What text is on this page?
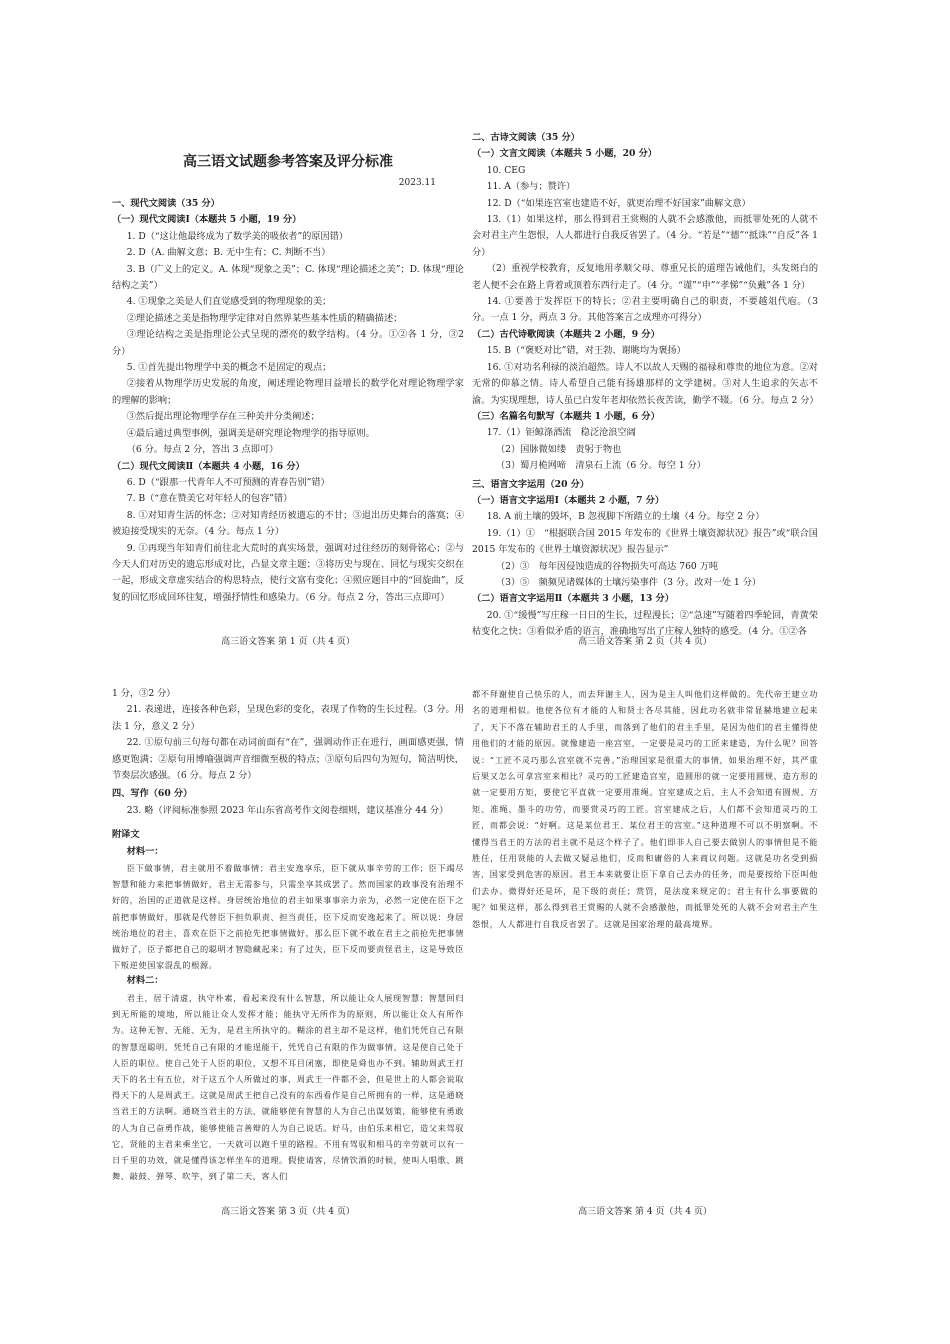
高三语文试题参考答案及评分标准
2023.11
一、现代文阅读（35 分）
（一）现代文阅读Ⅰ（本题共 5 小题，19 分）
1. D（“这让他最终成为了数学美的吸依者”的原因错）
2. D（A. 曲解文意；B. 无中生有；C. 判断不当）
3. B（广义上的定义。A. 体现“现象之美”；C. 体现“理论描述之美”；D. 体现“理论结构之美”）
4. ①现象之美是人们直觉感受到的物理现象的美；
②理论描述之美是指物理学定律对自然界某些基本性质的精确描述；
③理论结构之美是指理论公式呈现的漂亮的数学结构。（4 分。①②各 1 分，③2 分）
5. ①首先提出物理学中美的概念不是固定的观点；
②接着从物理学历史发展的角度，阐述理论物理目益增长的数学化对理论物理学家的理解的影响；
③然后提出理论物理学存在三种美并分类阐述；
④最后通过典型事例，强调美是研究理论物理学的指导原则。
（6 分。每点 2 分，答出 3 点即可）
（二）现代文阅读Ⅱ（本题共 4 小题，16 分）
6. D（“跟那一代青年人不可预测的青春告别”错）
7. B（“意在赞美它对年轻人的包容”错）
8. ①对知青生活的怀念；②对知青经历被遗忘的不甘；③退出历史舞台的落寞；④被迫接受现实的无奈。（4 分。每点 1 分）
9. ①再现当年知青们前往北大荒时的真实场景，强调对过往经历的刻骨铭心；②与今天人们对历史的遗忘形成对比，凸显文章主题；③将历史与现在、回忆与现实交织在一起，形成文章虚实结合的构思特点，使行文富有变化；④照应题目中的“回旋曲”，反复的回忆形成回环往复，增强抒情性和感染力。（6 分。每点 2 分，答出三点即可）
高三语文答案 第 1 页（共 4 页）
二、古诗文阅读（35 分）
（一）文言文阅读（本题共 5 小题，20 分）
10. CEG
11. A（参与；赞许）
12. D（“如果连宫室也建造不好，就更治理不好国家”曲解文意）
13.（1）如果这样，那么得到君王赏赐的人就不会感激他，而抵罪处死的人就不会对君主产生怨恨，人人都进行自我反省罢了。（4 分。“若是”“德”“抵诛”“自反”各 1 分）
（2）重视学校教育，反复地用孝顺父母、尊重兄长的道理告诫他们，头发斑白的老人便不会在路上背着或顶着东西行走了。（4 分。“谨”“申”“孝悌”“负戴”各 1 分）
14. ①要善于发挥臣下的特长；②君主要明确自己的职责，不要越俎代庖。（3 分。一点 1 分，两点 3 分。其他答案言之成理亦可得分）
（二）古代诗歌阅读（本题共 2 小题，9 分）
15. B（“褒贬对比”错，对王勃、谢眺均为褒扬）
16. ①对功名利禄的淡泊超然。诗人不以故人天赐的福禄和尊贵的地位为意。②对无常的仰慕之情。诗人希望自己能有扬雄那样的文学建树。③对人生追求的矢志不渝。为实现理想，诗人虽已白发年老却依然长夜苦读，勤学不辍。（6 分。每点 2 分）
（三）名篇名句默写（本题共 1 小题，6 分）
17.（1）钜鲸涤酒流　稳泛沧浪空阔
（2）国脉微如缕　责躬于物也
（3）蜀月桅网啼　清泉石上流（6 分。每空 1 分）
三、语言文字运用（20 分）
（一）语言文字运用Ⅰ（本题共 2 小题，7 分）
18. A 前土壤的毁坏，B 忽视脚下所踏立的土壤（4 分。每空 2 分）
19.（1）①　“根据联合国 2015 年发布的《世界土壤资源状况》报告”或“联合国 2015 年发布的《世界土壤资源状况》报告显示”
（2）③　每年因侵蚀造成的谷物损失可高达 760 万吨
（3）⑤　频频见诸媒体的土壤污染事件（3 分。改对一处 1 分）
（二）语言文字运用Ⅱ（本题共 3 小题，13 分）
20. ①“缓慢”写庄稼一日日的生长，过程漫长；②“急速”写随着四季轮回，青黄荣枯变化之快；③看似矛盾的语言，准确地写出了庄稼人独特的感受。（4 分。①②各
高三语文答案 第 2 页（共 4 页）
1 分，③2 分）
21. 表递进，连接各种色彩，呈现色彩的变化，表现了作物的生长过程。（3 分。用法 1 分，意义 2 分）
22. ①原句前三句每句都在动词前面有“在”，强调动作正在进行，画面感更强，情感更饱满；②原句用博喻强调声音细微至极的特点；③原句后四句为短句，简洁明快，节奏层次感强。（6 分。每点 2 分）
四、写作（60 分）
23. 略（评阅标准参照 2023 年山东省高考作文阅卷细则，建议基准分 44 分）
附译文
材料一：
臣下做事情，君主就用不着做事情；君主安逸享乐，臣下就从事辛劳的工作；臣下竭尽智慧和能力来把事情做好，君主无需参与，只需坐享其成罢了。然而国家的政事没有治理不好的，治国的正道就是这样。身居统治地位的君主如果事事亲力亲为，必然一定使在臣下之前把事情做好，那就是代替臣下担负职责、担当责任，臣下反而安逸起来了。所以说：身居统治地位的君主，喜欢在臣下之前抢先把事情做好，那么臣下就不敢在君主之前抢先把事情做好了，臣子都把自己的聪明才智隐藏起来；有了过失，臣下反而要责怪君主，这是导致臣下叛逆使国家混乱的根源。
材料二：
君主，居于清虚，执守朴素，看起来没有什么智慧，所以能让众人展现智慧；智慧回归到无所能的境地，所以能让众人发挥才能；能执守无所作为的原则，所以能让众人有所作为。这种无智、无能、无为，是君主所执守的。糊涂的君主却不是这样，他们凭凭自己有限的智慧逞聪明，凭凭自己有限的才能逞能干，凭凭自己有限的作为做事情，这是使自己处于人臣的职位。使自己处于人臣的职位，又想不耳目闭塞，即使是舜也办不到。辅助周武王打天下的名士有五位，对于这五个人所做过的事，周武王一件都不会，但是世上的人都会说取得天下的人是周武王。这就是周武王把自己没有的东西看作是自己所拥有的一样，这是通晓当君王的方法啊。通晓当君主的方法，就能够使有智慧的人为自己出谋划策，能够使有勇敢的人为自己奋勇作战，能够使能言善辩的人为自己说话。好马，由伯乐来相它，造父来驾驭它，贤能的主君来乘坐它，一天就可以跑千里的路程。不用有驾驭和相马的辛劳就可以有一日千里的功效，就是懂得该怎样坐车的道理。假使请客，尽情饮酒的时候，使叫人唱歌、跳舞、敲鼓、弹琴、吹竽，到了第二天，客人们
高三语文答案 第 3 页（共 4 页）
都不拜谢使自己快乐的人，而去拜谢主人，因为是主人叫他们这样做的。先代帝王建立功名的道理相似。他使各位有才能的人和贤士各尽其能，因此功名就非常显赫地建立起来了，天下不落在辅助君王的人手里，而落到了他们的君主手里，是因为他们的君主懂得使用他们的才能的原因。就像建造一座宫室，一定要是灵巧的工匠来建造，为什么呢？回答说：“工匠不灵巧那么宫室就不完善。”治理国家是很重大的事情，如果治理不好，其严重后果又怎么可拿宫室来相比？灵巧的工匠建造宫室，造圆形的就一定要用圆规，造方形的就一定要用方矩，要使它平直就一定要用准绳。宫室建成之后，主人不会知道有圆规、方矩、准绳、墨斗的功劳，而要赏灵巧的工匠。宫室建成之后，人们都不会知道灵巧的工匠，而都会说：“好啊。这是某位君王、某位君王的宫室。”这种道理不可以不明察啊。不懂得当君王的方法的君主就不是这个样子了。他们即非人自己要去做别人的事情但是不能胜任，任用贤能的人去做又疑忌他们，反而和庸俗的人来商议问题。这就是功名受到损害，国家受到危害的原因。君王本来就要让臣下拿自己去办的任务，而是要按给下臣叫他们去办。微得好还是坏，是下级的责任；赏罚，是法度来规定的；君主有什么事要做的呢？如果这样，那么得到君王赏赐的人就不会感激他，而抵罪处死的人就不会对君主产生怨恨，人人都进行自我反省罢了。这就是国家治理的最高境界。
高三语文答案 第 4 页（共 4 页）
